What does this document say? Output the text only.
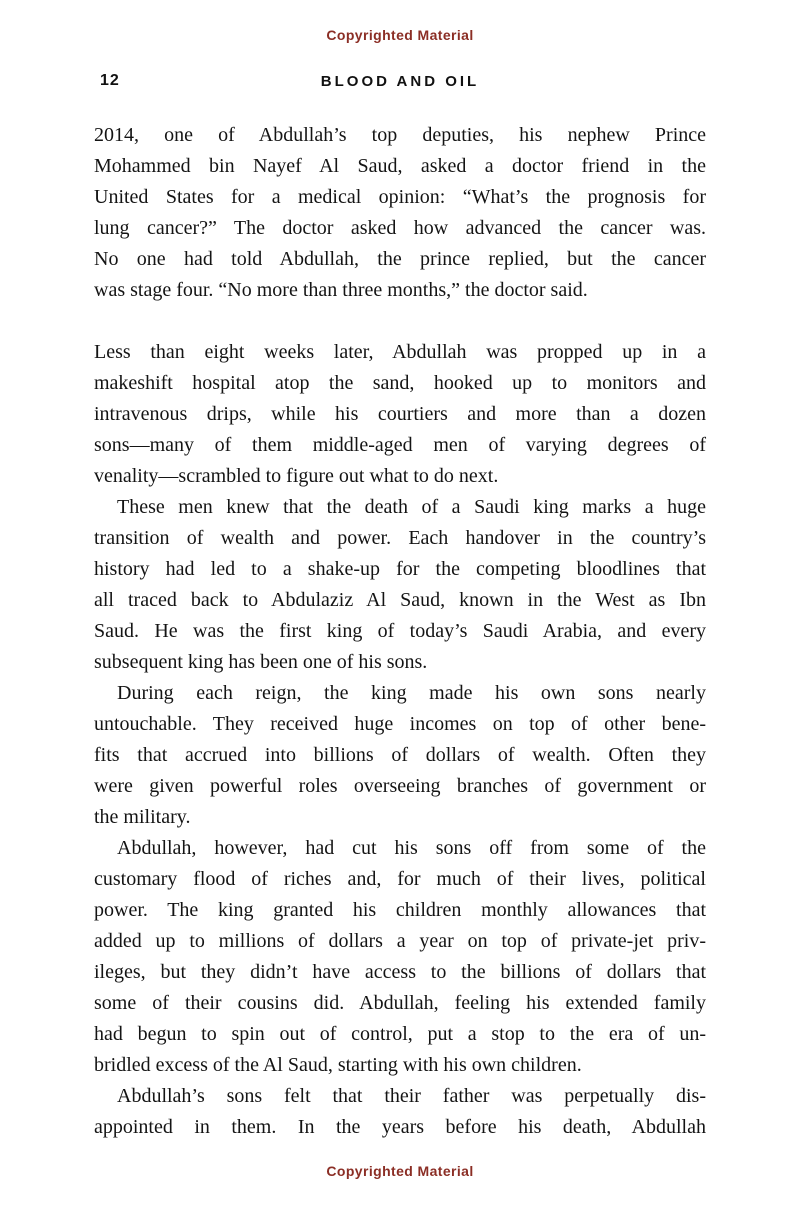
Copyrighted Material
12	BLOOD AND OIL

2014, one of Abdullah’s top deputies, his nephew Prince
Mohammed bin Nayef Al Saud, asked a doctor friend in the
United States for a medical opinion: “What’s the prognosis for
lung cancer?” The doctor asked how advanced the cancer was.
No one had told Abdullah, the prince replied, but the cancer
was stage four. “No more than three months,” the doctor said.

Less than eight weeks later, Abdullah was propped up in a
makeshift hospital atop the sand, hooked up to monitors and
intravenous drips, while his courtiers and more than a dozen
sons—many of them middle-aged men of varying degrees of
venality—scrambled to figure out what to do next.

These men knew that the death of a Saudi king marks a huge
transition of wealth and power. Each handover in the country’s
history had led to a shake-up for the competing bloodlines that
all traced back to Abdulaziz Al Saud, known in the West as Ibn
Saud. He was the first king of today’s Saudi Arabia, and every
subsequent king has been one of his sons.

During each reign, the king made his own sons nearly
untouchable. They received huge incomes on top of other bene-
fits that accrued into billions of dollars of wealth. Often they
were given powerful roles overseeing branches of government or
the military.

Abdullah, however, had cut his sons off from some of the
customary flood of riches and, for much of their lives, political
power. The king granted his children monthly allowances that
added up to millions of dollars a year on top of private-jet priv-
ileges, but they didn’t have access to the billions of dollars that
some of their cousins did. Abdullah, feeling his extended family
had begun to spin out of control, put a stop to the era of un-
bridled excess of the Al Saud, starting with his own children.

Abdullah’s sons felt that their father was perpetually dis-
appointed in them. In the years before his death, Abdullah

Copyrighted Material
